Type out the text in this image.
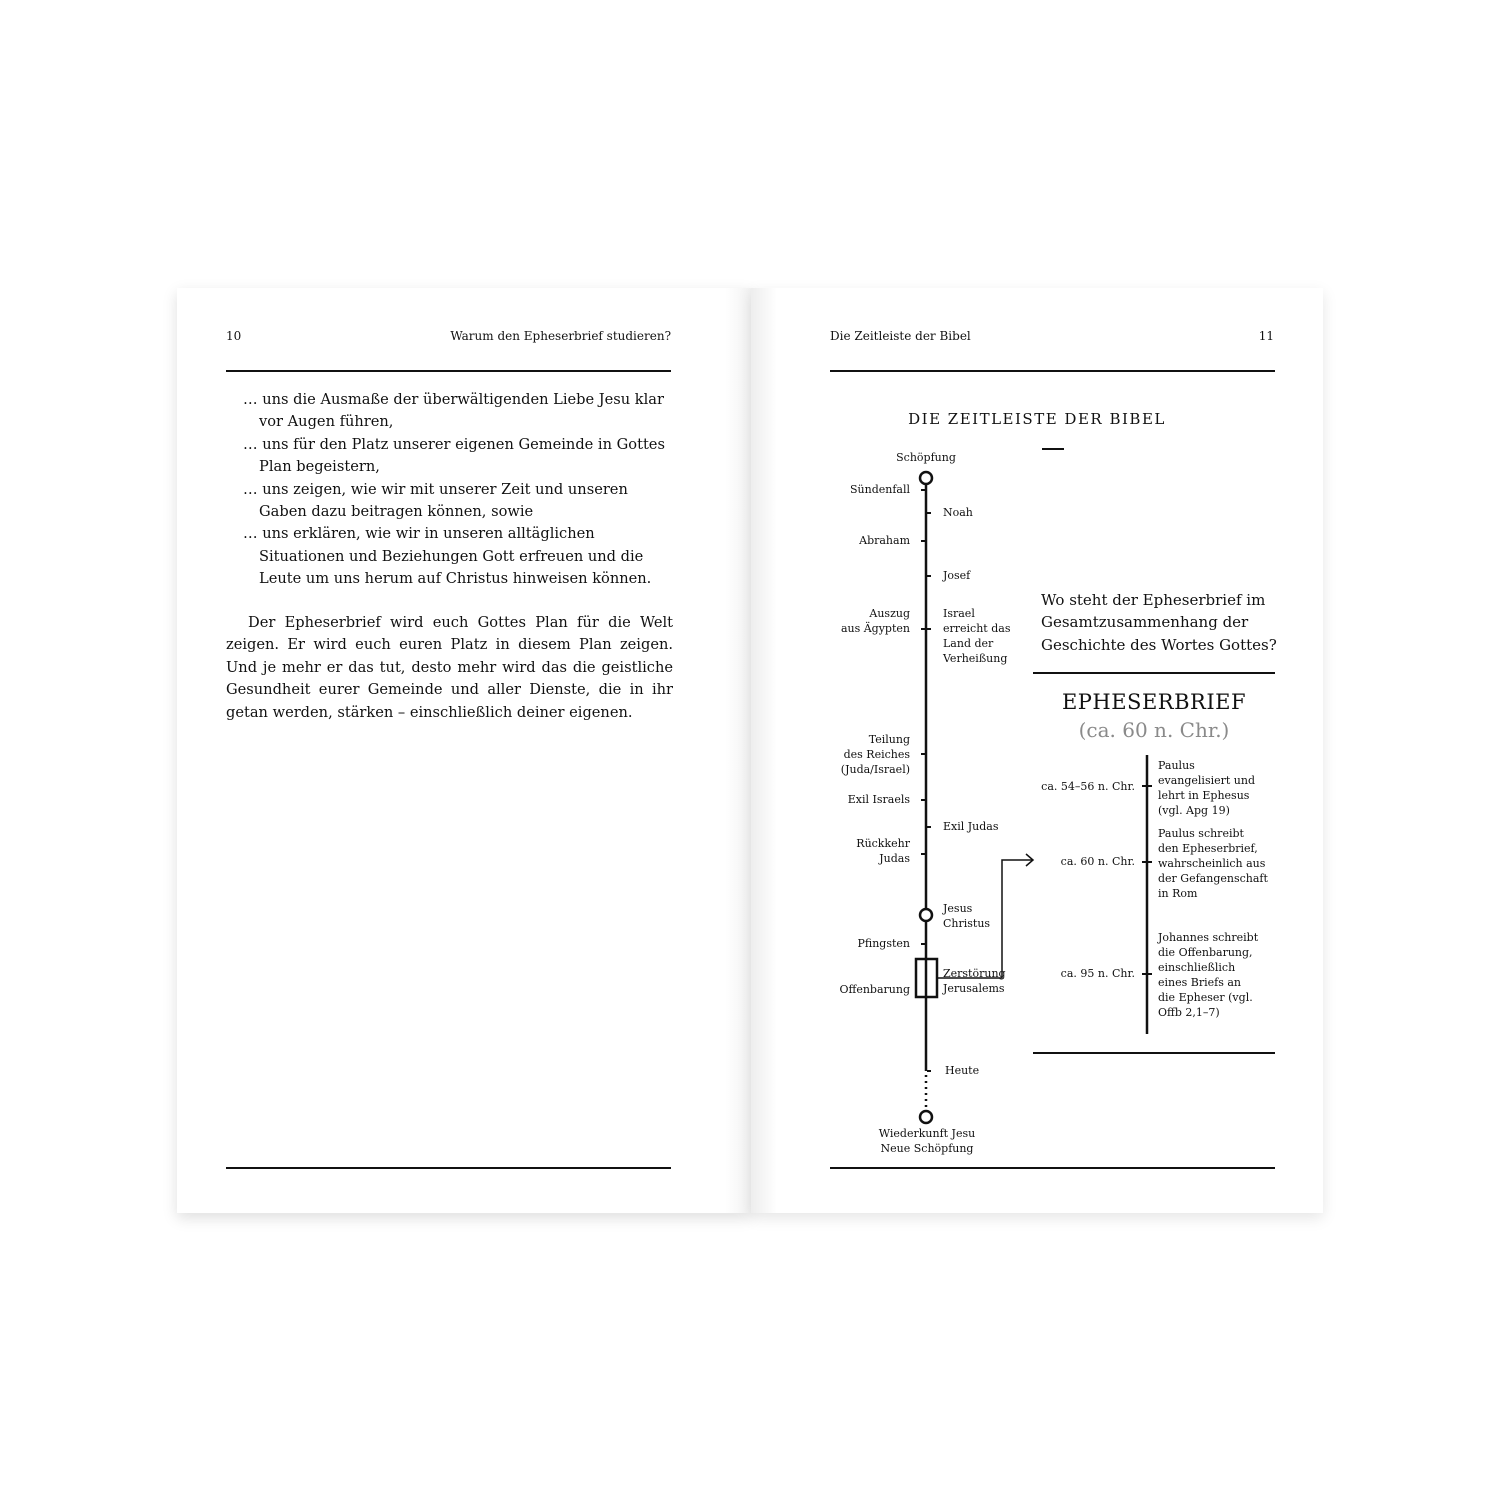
10	Warum den Epheserbrief studieren?
… uns die Ausmaße der überwältigenden Liebe Jesu klar vor Augen führen,
… uns für den Platz unserer eigenen Gemeinde in Gottes Plan begeistern,
… uns zeigen, wie wir mit unserer Zeit und unseren Gaben dazu beitragen können, sowie
… uns erklären, wie wir in unseren alltäglichen Situationen und Beziehungen Gott erfreuen und die Leute um uns herum auf Christus hinweisen können.

Der Epheserbrief wird euch Gottes Plan für die Welt zeigen. Er wird euch euren Platz in diesem Plan zeigen. Und je mehr er das tut, desto mehr wird das die geistliche Gesundheit eurer Gemeinde und aller Dienste, die in ihr getan werden, stärken – einschließlich deiner eigenen.

Die Zeitleiste der Bibel	11
DIE ZEITLEISTE DER BIBEL
Schöpfung
Sündenfall
Abraham
Auszug
aus Ägypten
Teilung
des Reiches
(Juda/Israel)
Exil Israels
Rückkehr
Judas
Pfingsten
Offenbarung
Noah
Josef
Israel
erreicht das
Land der
Verheißung
Exil Judas
Jesus
Christus
Zerstörung
Jerusalems
Heute
Wiederkunft Jesu
Neue Schöpfung
Wo steht der Epheserbrief im Gesamtzusammenhang der Geschichte des Wortes Gottes?
EPHESERBRIEF
(ca. 60 n. Chr.)
ca. 54–56 n. Chr.
Paulus
evangelisiert und
lehrt in Ephesus
(vgl. Apg 19)
ca. 60 n. Chr.
Paulus schreibt
den Epheserbrief,
wahrscheinlich aus
der Gefangenschaft
in Rom
ca. 95 n. Chr.
Johannes schreibt
die Offenbarung,
einschließlich
eines Briefs an
die Epheser (vgl.
Offb 2,1–7)
